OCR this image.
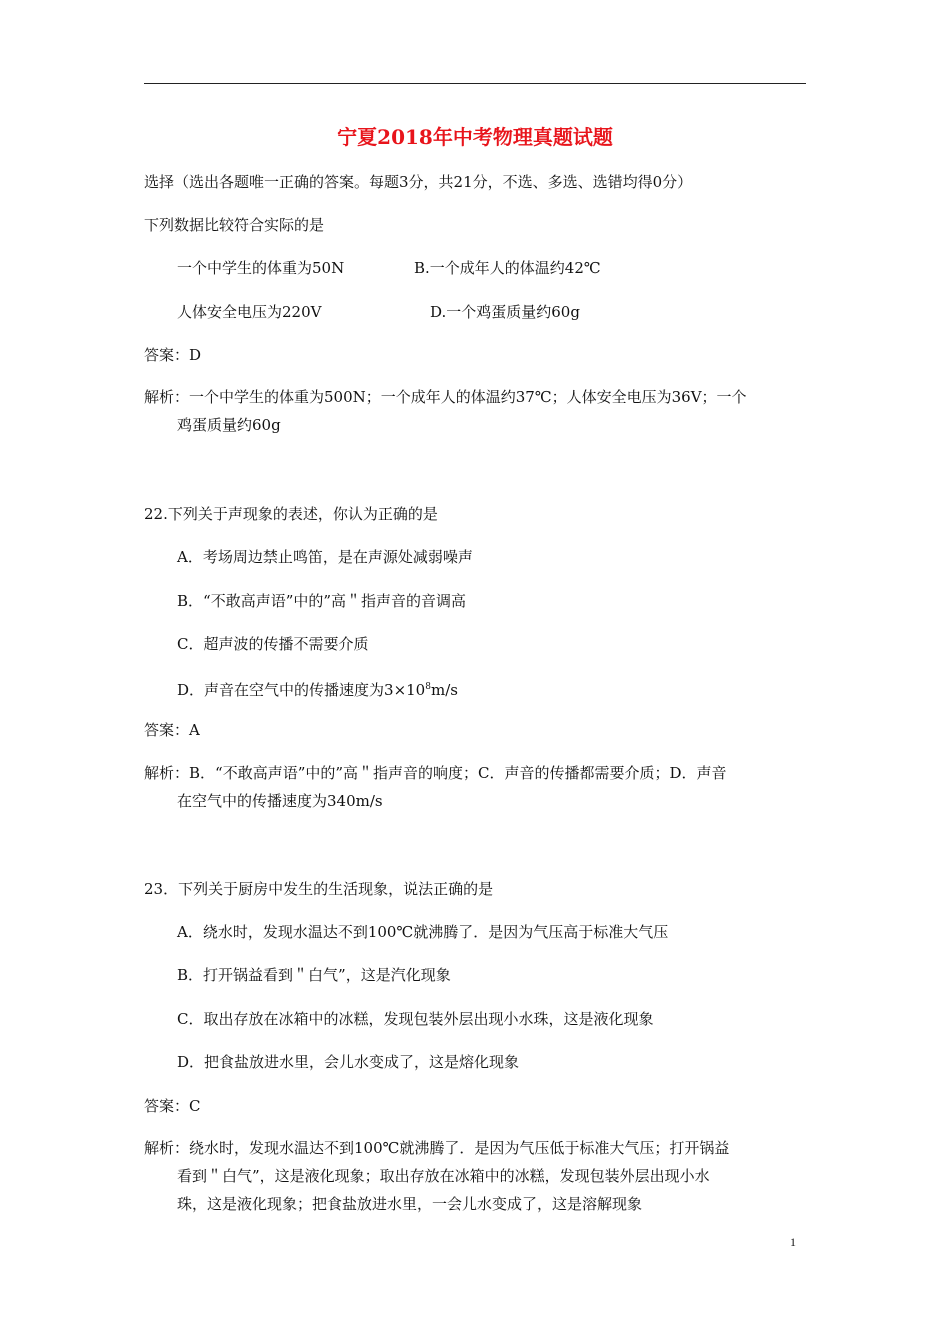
宁夏2018年中考物理真题试题
选择（选出各题唯一正确的答案。每题3分，共21分，不选、多选、选错均得0分）
下列数据比较符合实际的是
一个中学生的体重为50N	B.一个成年人的体温约42℃
人体安全电压为220V	D.一个鸡蛋质量约60g
答案：D
解析：一个中学生的体重为500N；一个成年人的体温约37℃；人体安全电压为36V；一个
鸡蛋质量约60g
22.下列关于声现象的表述，你认为正确的是
A．考场周边禁止鸣笛，是在声源处减弱噪声
B．“不敢高声语”中的”高＂指声音的音调高
C．超声波的传播不需要介质
D．声音在空气中的传播速度为$3\times 10^8m/s$
答案：A
解析：B．“不敢高声语”中的”高＂指声音的响度；C．声音的传播都需要介质；D．声音
在空气中的传播速度为340m/s
23．下列关于厨房中发生的生活现象，说法正确的是
A．绕水时，发现水温达不到100℃就沸腾了．是因为气压高于标准大气压
B．打开锅益看到＂白气”，这是汽化现象
C．取出存放在冰箱中的冰糕，发现包装外层出现小水珠，这是液化现象
D．把食盐放进水里，会儿水变成了，这是熔化现象
答案：C
解析：绕水时，发现水温达不到100℃就沸腾了．是因为气压低于标准大气压；打开锅益
看到＂白气”，这是液化现象；取出存放在冰箱中的冰糕，发现包装外层出现小水
珠，这是液化现象；把食盐放进水里，一会儿水变成了，这是溶解现象
1
